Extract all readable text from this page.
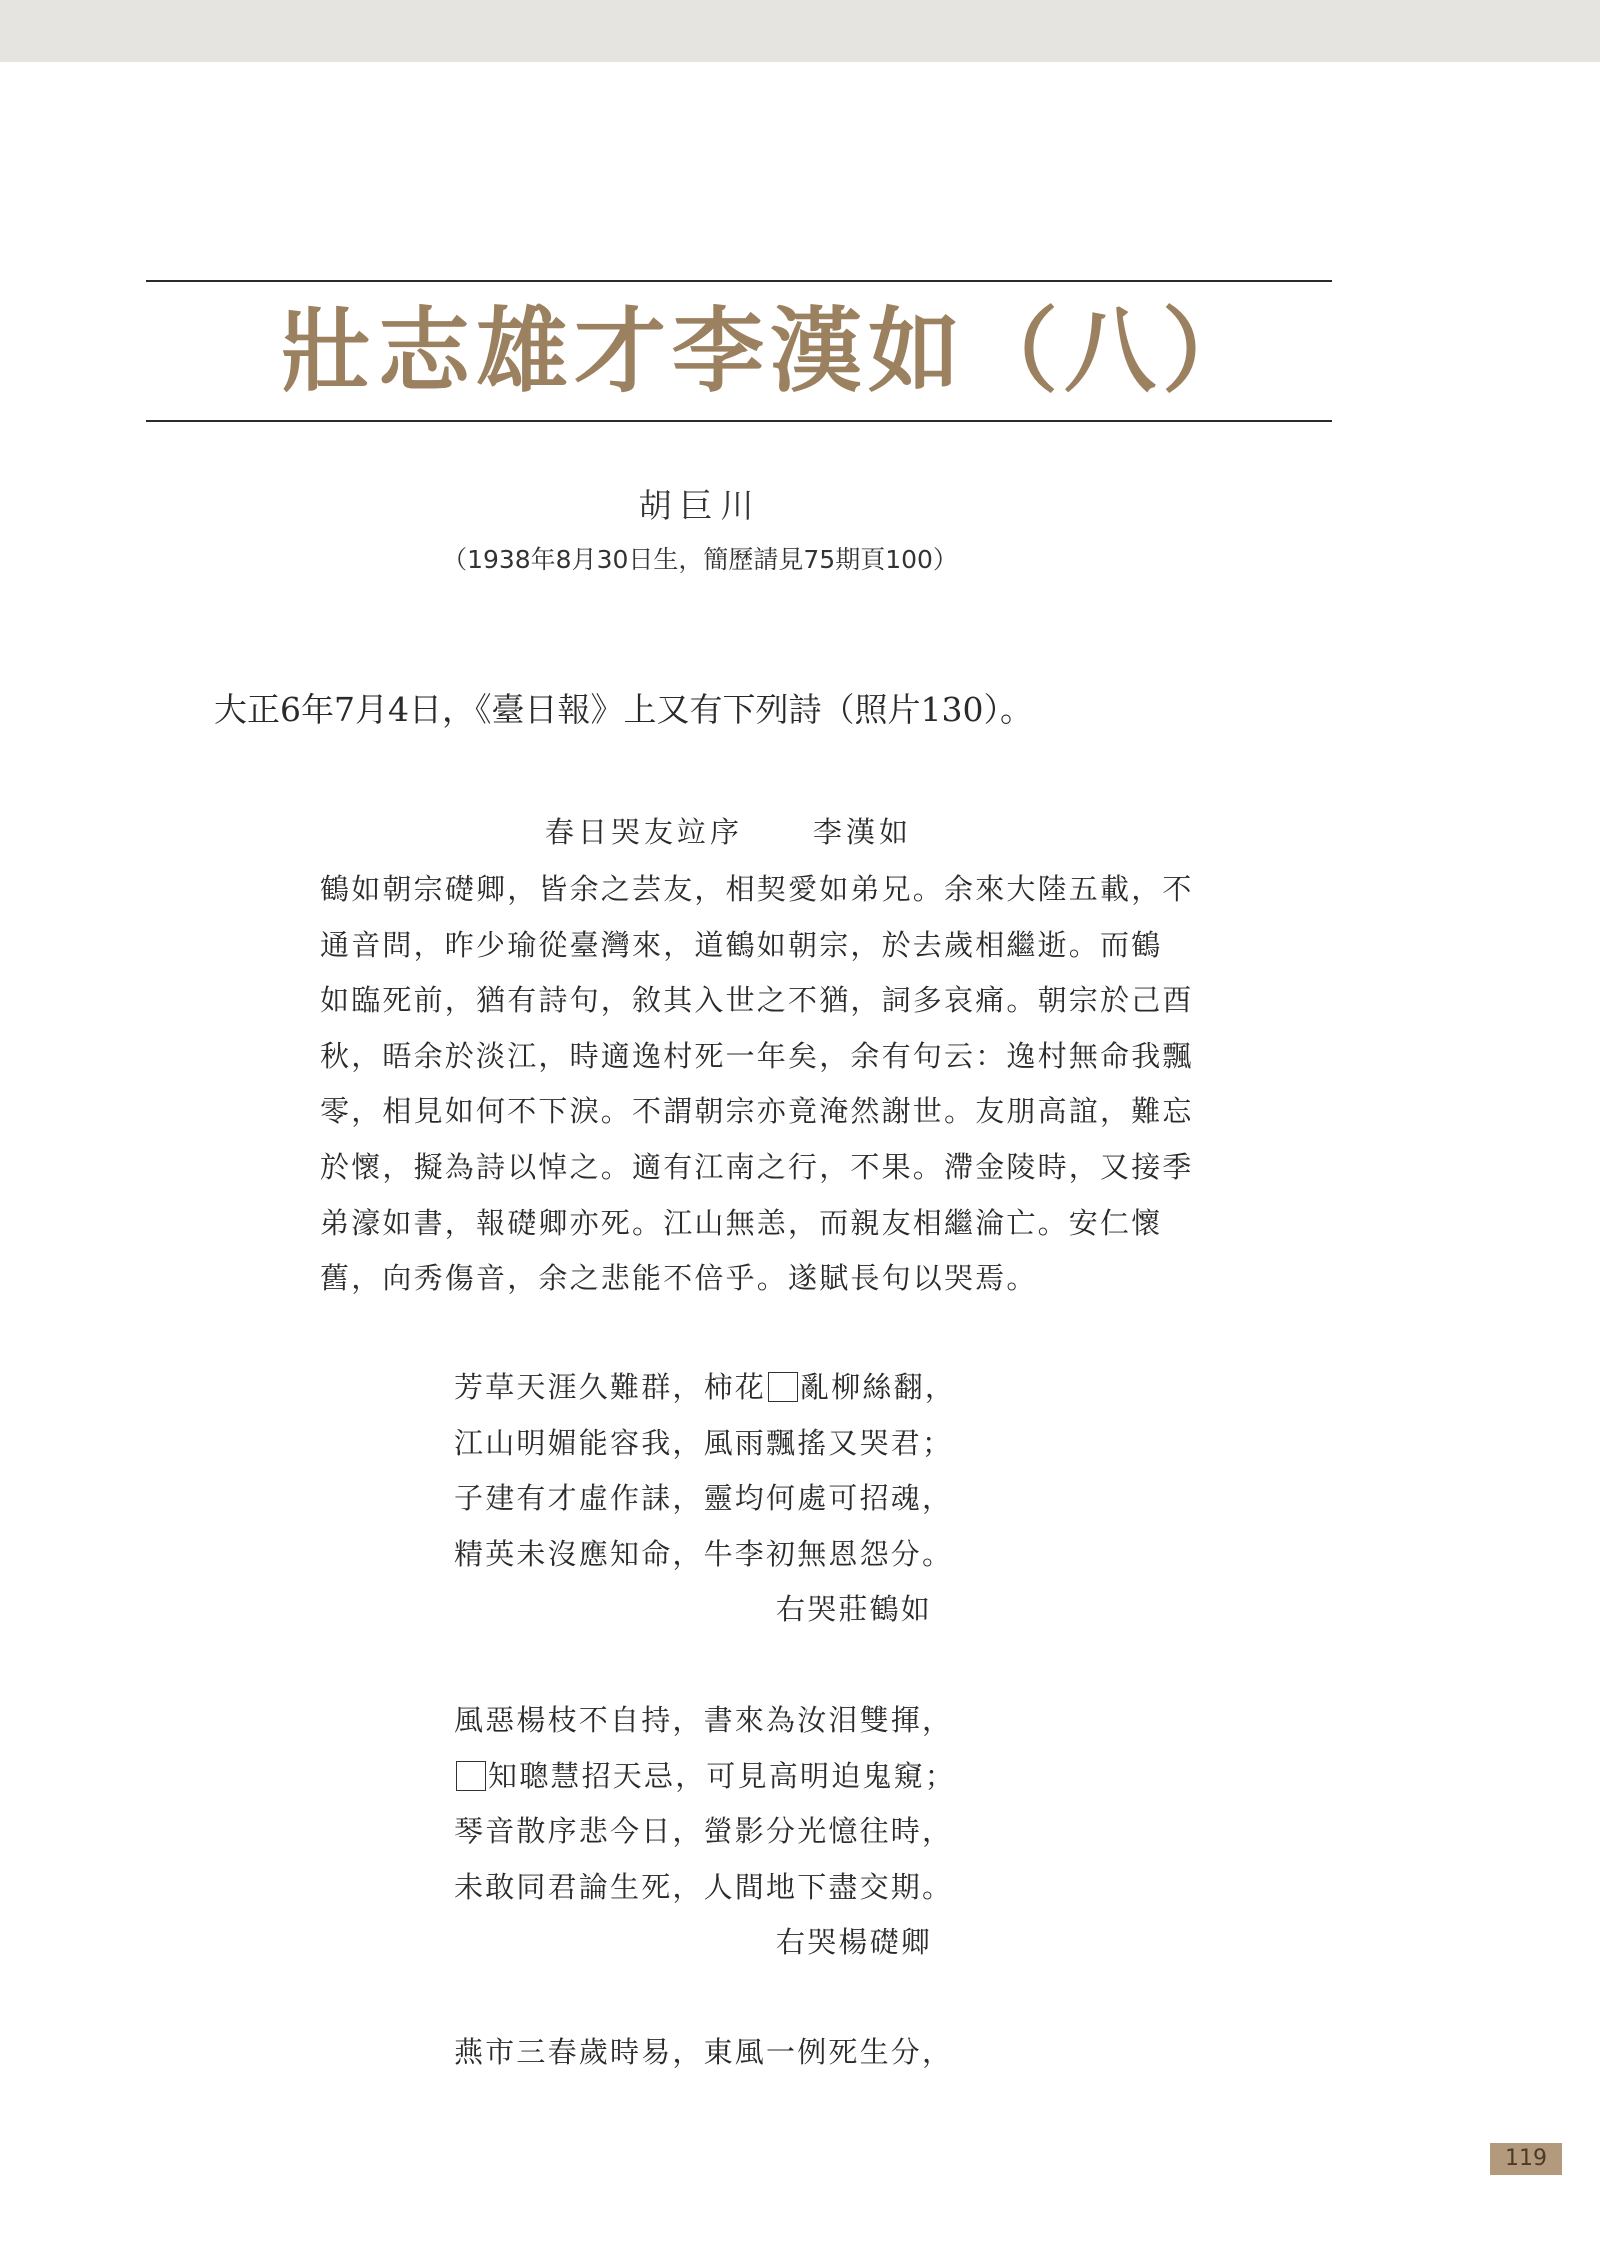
壯志雄才李漢如（八）
胡巨川
（1938年8月30日生，簡歷請見75期頁100）
大正6年7月4日，《臺日報》上又有下列詩（照片130）。
春日哭友竝序 李漢如
鶴如朝宗礎卿，皆余之芸友，相契愛如弟兄。余來大陸五載，不
通音問，昨少瑜從臺灣來，道鶴如朝宗，於去歲相繼逝。而鶴
如臨死前，猶有詩句，敘其入世之不猶，詞多哀痛。朝宗於己酉
秋，晤余於淡江，時適逸村死一年矣，余有句云：逸村無命我飄
零，相見如何不下淚。不謂朝宗亦竟淹然謝世。友朋高誼，難忘
於懷，擬為詩以悼之。適有江南之行，不果。滯金陵時，又接季
弟濠如書，報礎卿亦死。江山無恙，而親友相繼淪亡。安仁懷
舊，向秀傷音，余之悲能不倍乎。遂賦長句以哭焉。
芳草天涯久難群，柿花 亂柳絲翻，
江山明媚能容我，風雨飄搖又哭君；
子建有才虛作誄，靈均何處可招魂，
精英未沒應知命，牛李初無恩怨分。
右哭莊鶴如
風惡楊枝不自持，書來為汝泪雙揮，
知聰慧招天忌，可見高明迫鬼窺；
琴音散序悲今日，螢影分光憶往時，
未敢同君論生死，人間地下盡交期。
右哭楊礎卿
燕市三春歲時易，東風一例死生分，
119
